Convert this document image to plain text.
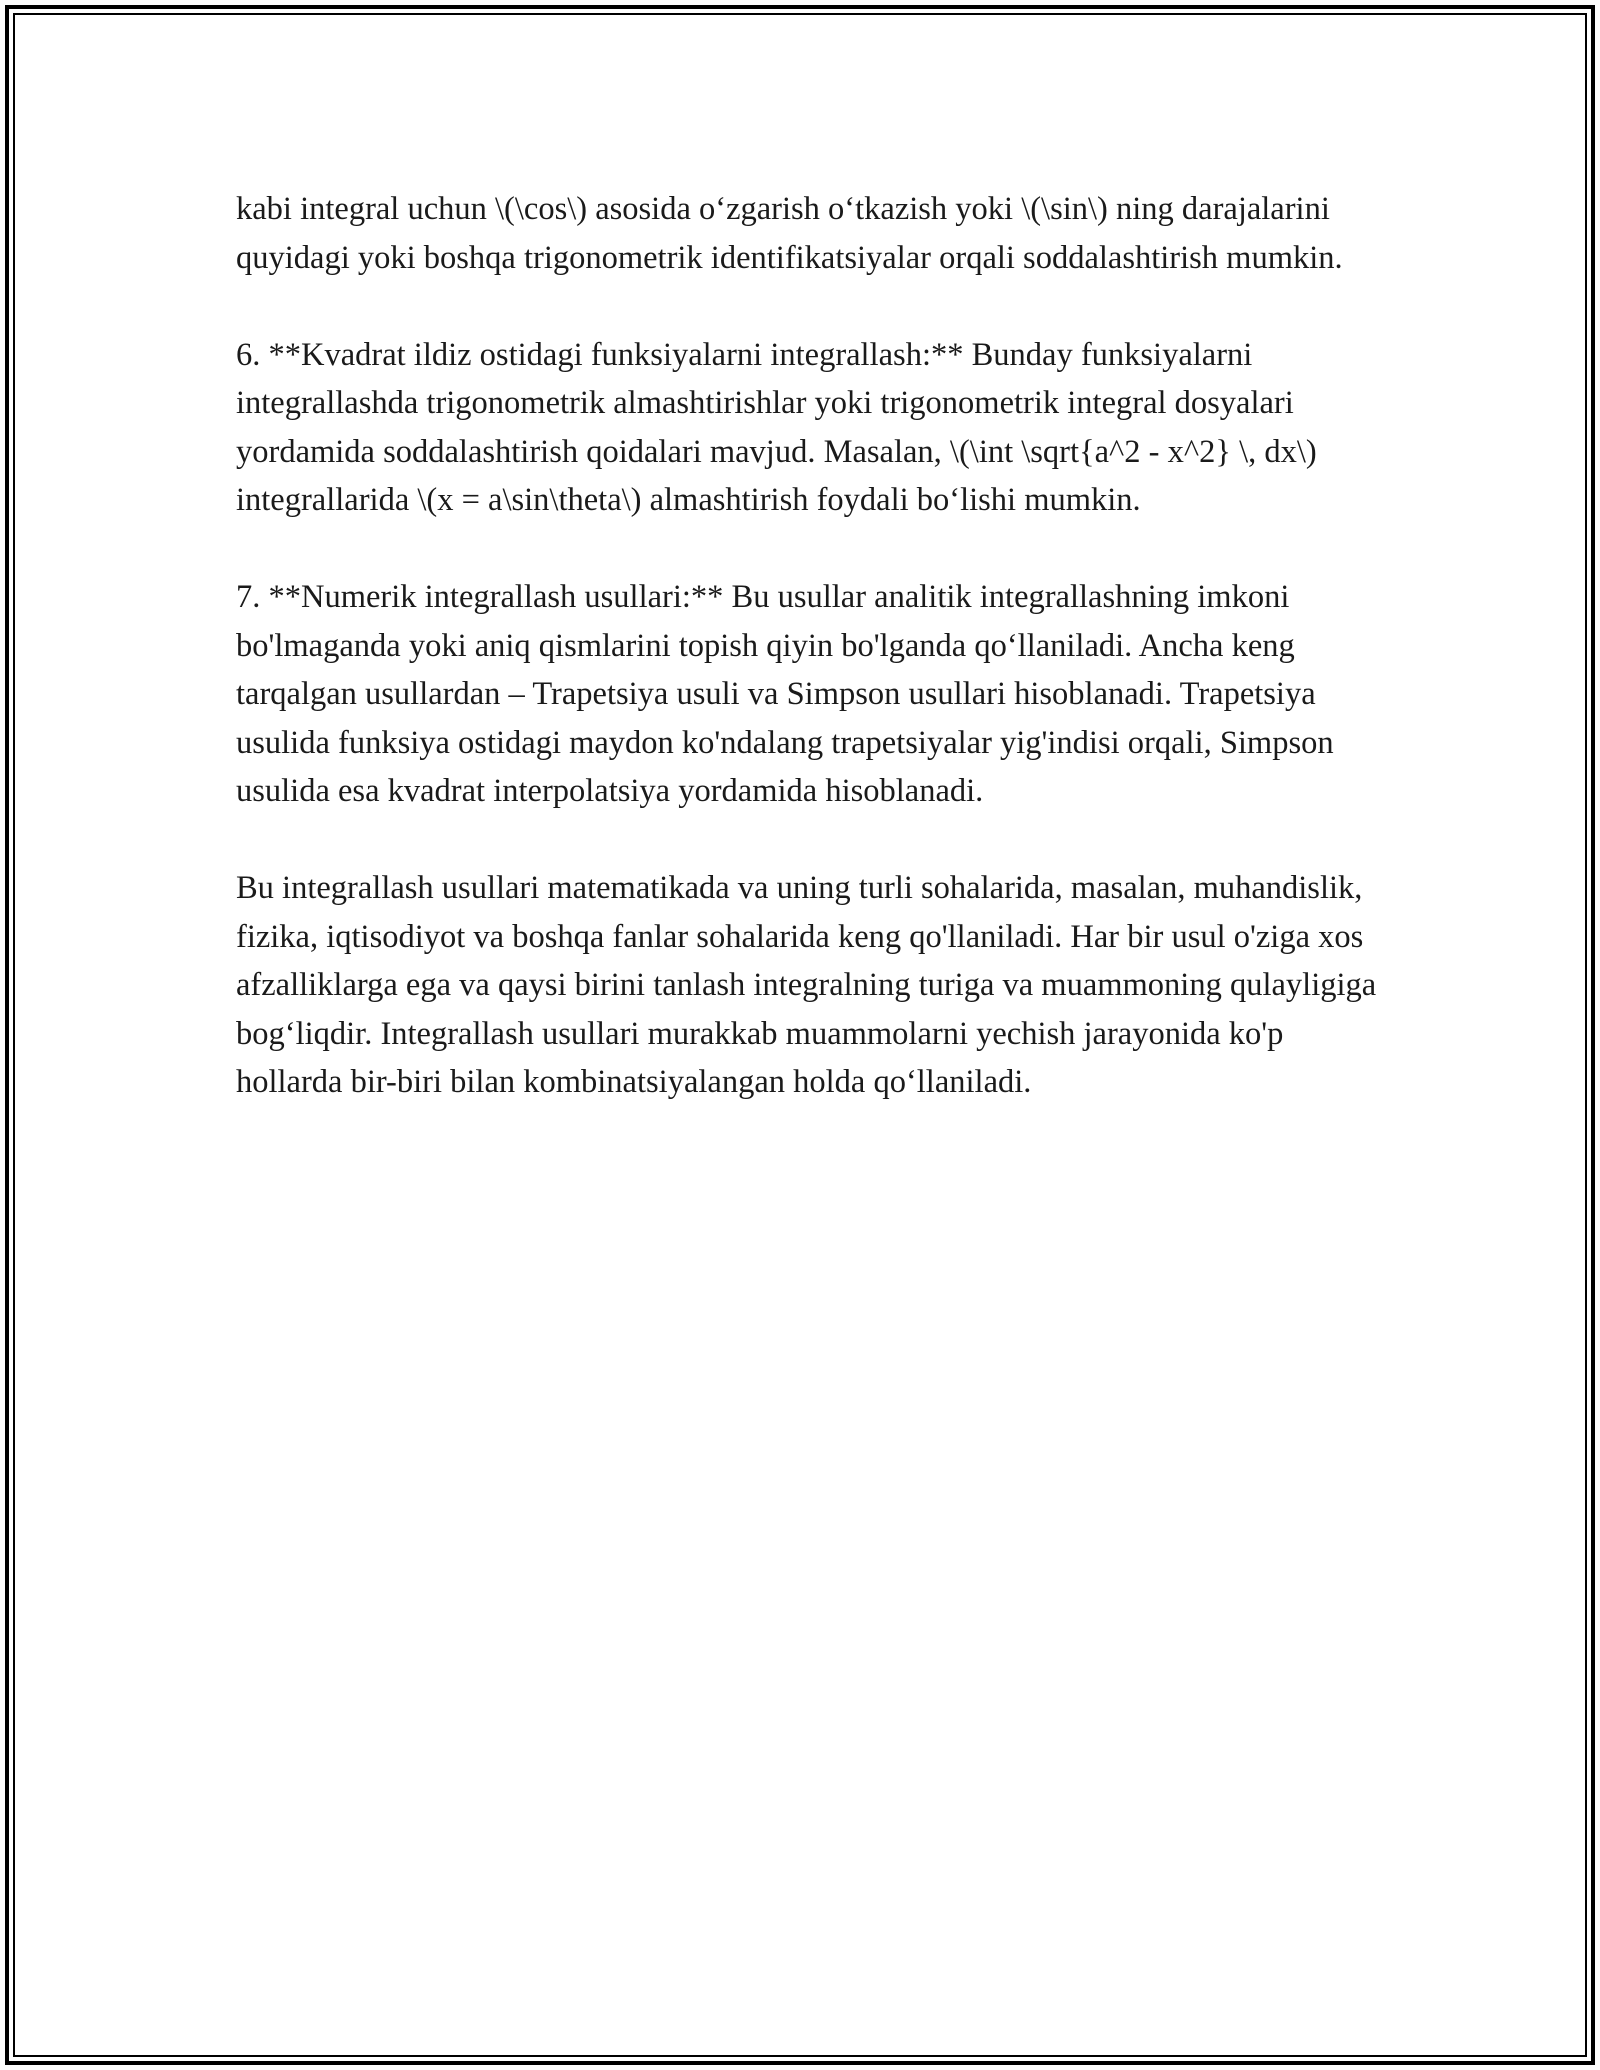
kabi integral uchun \(\cos\) asosida o‘zgarish o‘tkazish yoki \(\sin\) ning darajalarini quyidagi yoki boshqa trigonometrik identifikatsiyalar orqali soddalashtirish mumkin.

6. **Kvadrat ildiz ostidagi funksiyalarni integrallash:** Bunday funksiyalarni integrallashda trigonometrik almashtirishlar yoki trigonometrik integral dosyalari yordamida soddalashtirish qoidalari mavjud. Masalan, \(\int \sqrt{a^2 - x^2} \, dx\) integrallarida \(x = a\sin\theta\) almashtirish foydali bo‘lishi mumkin.

7. **Numerik integrallash usullari:** Bu usullar analitik integrallashning imkoni bo'lmaganda yoki aniq qismlarini topish qiyin bo'lganda qo‘llaniladi. Ancha keng tarqalgan usullardan – Trapetsiya usuli va Simpson usullari hisoblanadi. Trapetsiya usulida funksiya ostidagi maydon ko'ndalang trapetsiyalar yig'indisi orqali, Simpson usulida esa kvadrat interpolatsiya yordamida hisoblanadi.

Bu integrallash usullari matematikada va uning turli sohalarida, masalan, muhandislik, fizika, iqtisodiyot va boshqa fanlar sohalarida keng qo'llaniladi. Har bir usul o'ziga xos afzalliklarga ega va qaysi birini tanlash integralning turiga va muammoning qulayligiga bog‘liqdir. Integrallash usullari murakkab muammolarni yechish jarayonida ko'p hollarda bir-biri bilan kombinatsiyalangan holda qo‘llaniladi.
